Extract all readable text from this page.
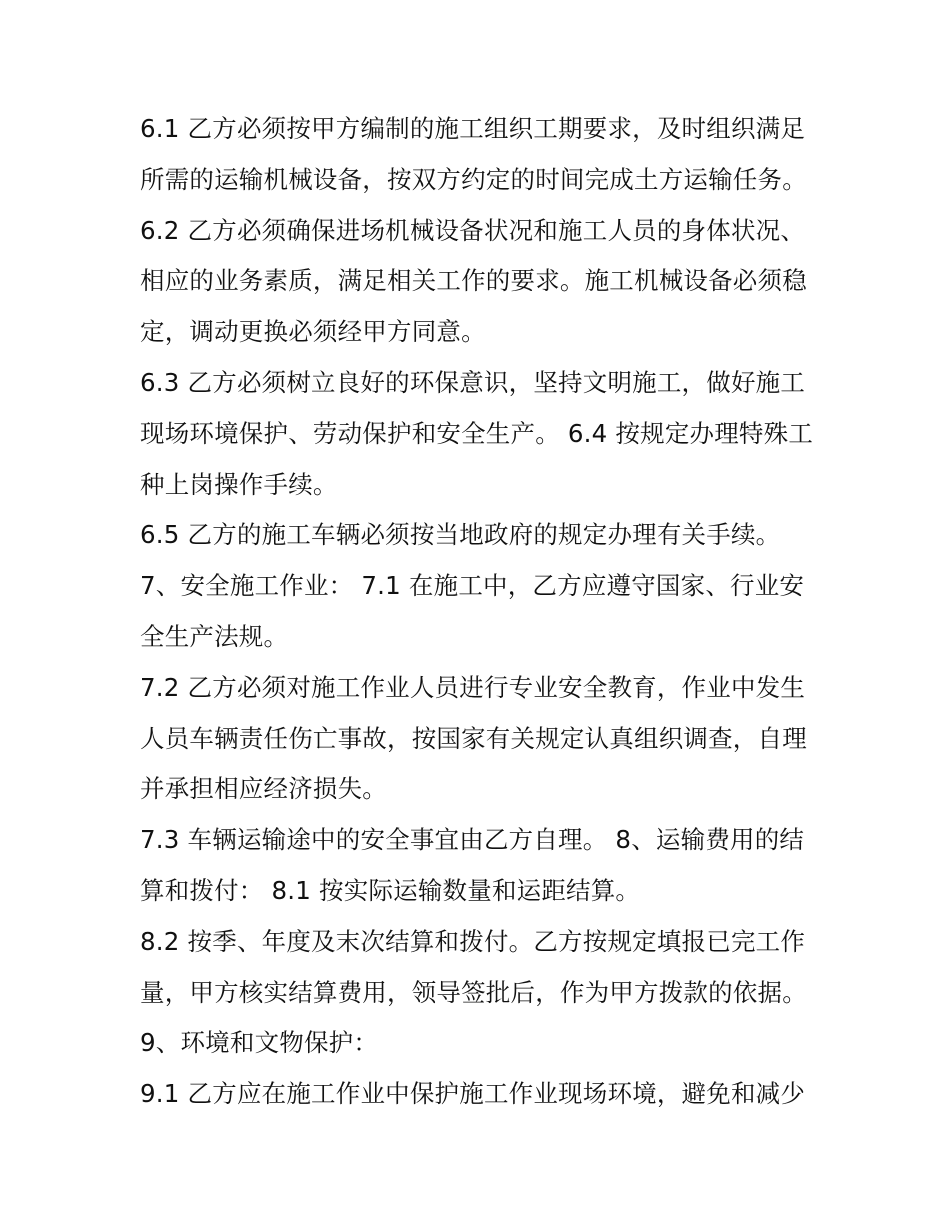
6.1 乙方必须按甲方编制的施工组织工期要求，及时组织满足所需的运输机械设备，按双方约定的时间完成土方运输任务。

6.2 乙方必须确保进场机械设备状况和施工人员的身体状况、相应的业务素质，满足相关工作的要求。施工机械设备必须稳定，调动更换必须经甲方同意。

6.3 乙方必须树立良好的环保意识，坚持文明施工，做好施工现场环境保护、劳动保护和安全生产。 6.4 按规定办理特殊工种上岗操作手续。

6.5 乙方的施工车辆必须按当地政府的规定办理有关手续。

7、安全施工作业： 7.1 在施工中，乙方应遵守国家、行业安全生产法规。

7.2 乙方必须对施工作业人员进行专业安全教育，作业中发生人员车辆责任伤亡事故，按国家有关规定认真组织调查，自理并承担相应经济损失。

7.3 车辆运输途中的安全事宜由乙方自理。 8、运输费用的结算和拨付： 8.1 按实际运输数量和运距结算。

8.2 按季、年度及末次结算和拨付。乙方按规定填报已完工作量，甲方核实结算费用，领导签批后，作为甲方拨款的依据。

9、环境和文物保护：

9.1 乙方应在施工作业中保护施工作业现场环境，避免和减少
